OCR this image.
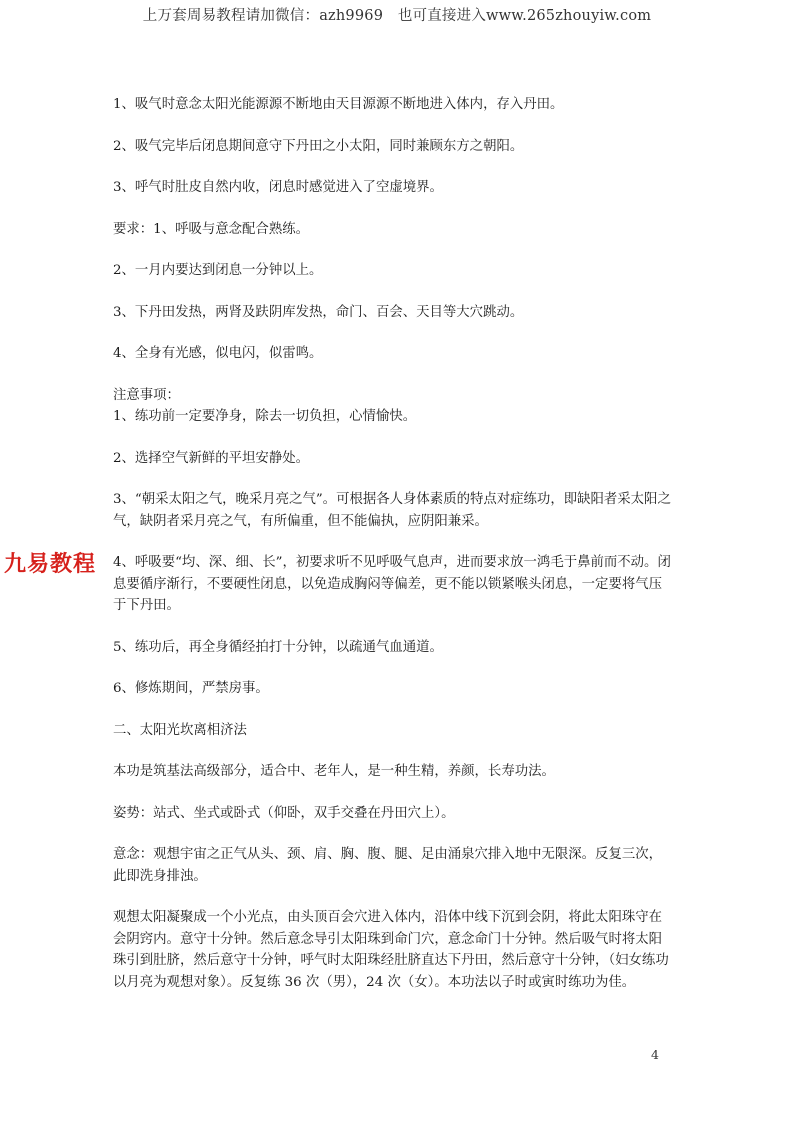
上万套周易教程请加微信：azh9969　也可直接进入www.265zhouyiw.com

1、吸气时意念太阳光能源源不断地由天目源源不断地进入体内，存入丹田。

2、吸气完毕后闭息期间意守下丹田之小太阳，同时兼顾东方之朝阳。

3、呼气时肚皮自然内收，闭息时感觉进入了空虚境界。

要求：1、呼吸与意念配合熟练。

2、一月内要达到闭息一分钟以上。

3、下丹田发热，两肾及趺阴库发热，命门、百会、天目等大穴跳动。

4、全身有光感，似电闪，似雷鸣。

注意事项：

1、练功前一定要净身，除去一切负担，心情愉快。

2、选择空气新鲜的平坦安静处。

3、“朝采太阳之气，晚采月亮之气”。可根据各人身体素质的特点对症练功，即缺阳者采太阳之气，缺阴者采月亮之气，有所偏重，但不能偏执，应阴阳兼采。

4、呼吸要“均、深、细、长”，初要求听不见呼吸气息声，进而要求放一鸿毛于鼻前而不动。闭息要循序渐行，不要硬性闭息，以免造成胸闷等偏差，更不能以锁紧喉头闭息，一定要将气压于下丹田。

5、练功后，再全身循经拍打十分钟，以疏通气血通道。

6、修炼期间，严禁房事。

二、太阳光坎离相济法

本功是筑基法高级部分，适合中、老年人，是一种生精，养颜，长寿功法。

姿势：站式、坐式或卧式（仰卧，双手交叠在丹田穴上）。

意念：观想宇宙之正气从头、颈、肩、胸、腹、腿、足由涌泉穴排入地中无限深。反复三次，此即洗身排浊。

观想太阳凝聚成一个小光点，由头顶百会穴进入体内，沿体中线下沉到会阴，将此太阳珠守在会阴窍内。意守十分钟。然后意念导引太阳珠到命门穴，意念命门十分钟。然后吸气时将太阳珠引到肚脐，然后意守十分钟，呼气时太阳珠经肚脐直达下丹田，然后意守十分钟，（妇女练功以月亮为观想对象）。反复练 36 次（男），24 次（女）。本功法以子时或寅时练功为佳。

九易教程
4
